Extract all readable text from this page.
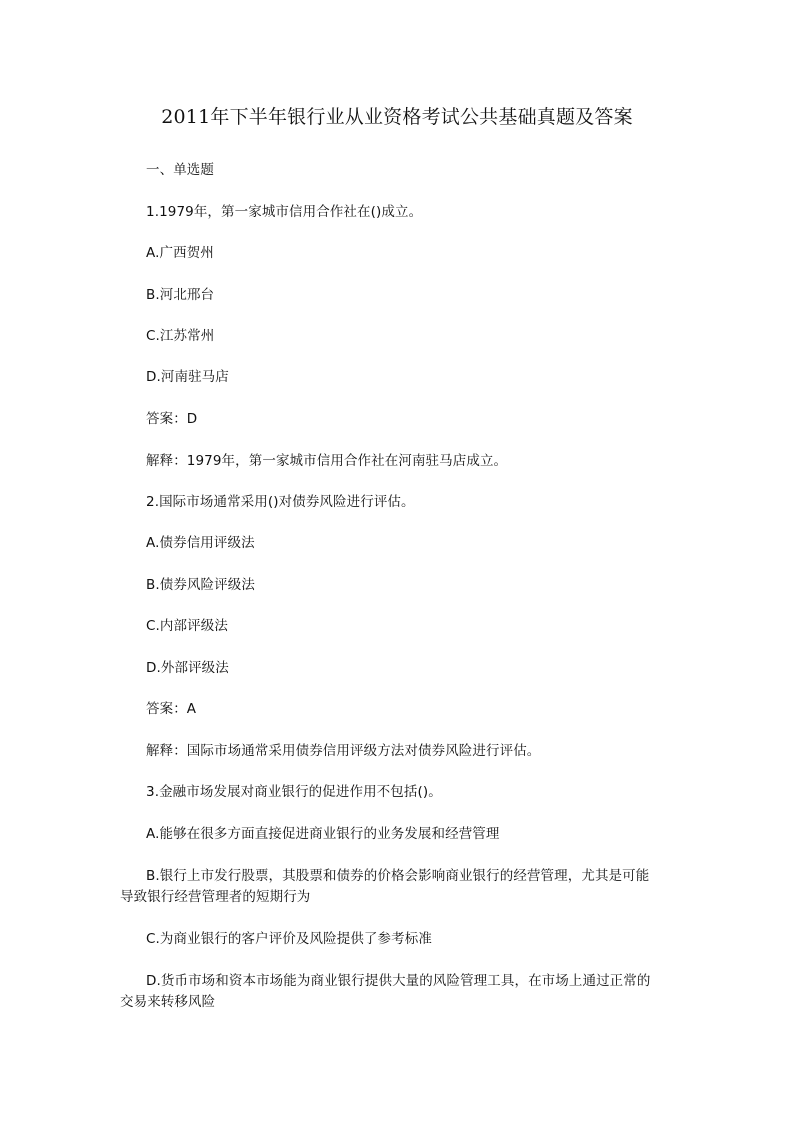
2011年下半年银行业从业资格考试公共基础真题及答案
一、单选题
1.1979年，第一家城市信用合作社在()成立。
A.广西贺州
B.河北邢台
C.江苏常州
D.河南驻马店
答案：D
解释：1979年，第一家城市信用合作社在河南驻马店成立。
2.国际市场通常采用()对债券风险进行评估。
A.债券信用评级法
B.债券风险评级法
C.内部评级法
D.外部评级法
答案：A
解释：国际市场通常采用债券信用评级方法对债券风险进行评估。
3.金融市场发展对商业银行的促进作用不包括()。
A.能够在很多方面直接促进商业银行的业务发展和经营管理
B.银行上市发行股票，其股票和债券的价格会影响商业银行的经营管理，尤其是可能
导致银行经营管理者的短期行为
C.为商业银行的客户评价及风险提供了参考标准
D.货币市场和资本市场能为商业银行提供大量的风险管理工具，在市场上通过正常的
交易来转移风险
